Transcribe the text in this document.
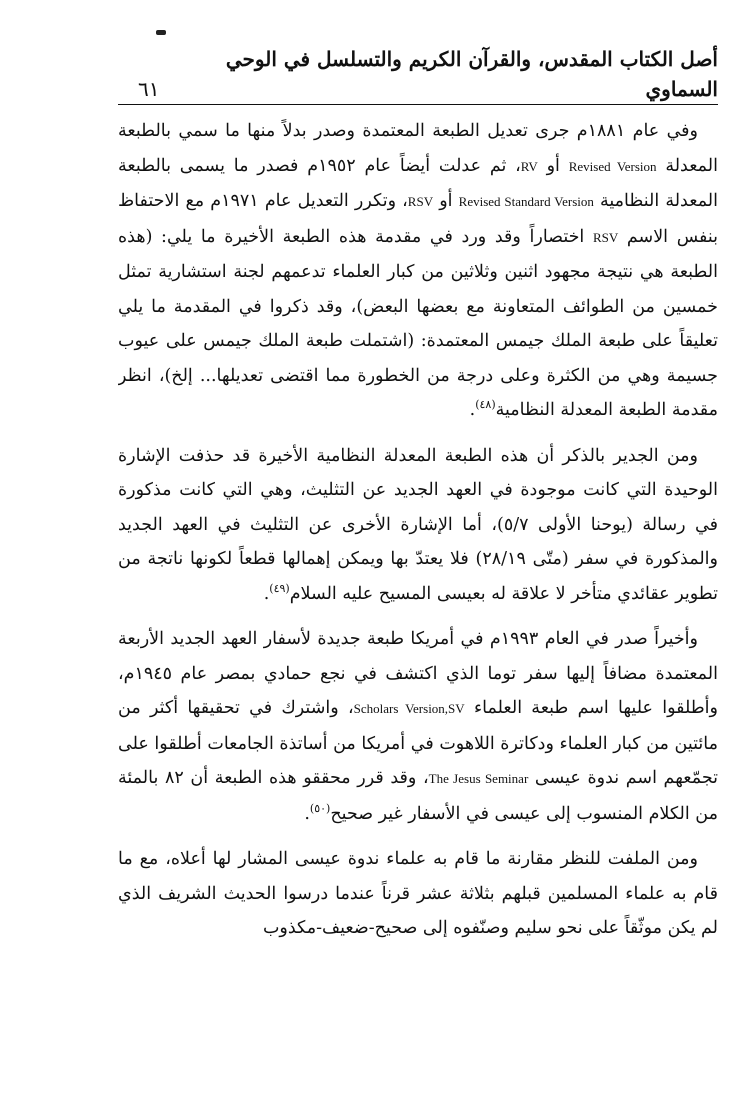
أصل الكتاب المقدس، والقرآن الكريم والتسلسل في الوحي السماوي
٦١

وفي عام ١٨٨١م جرى تعديل الطبعة المعتمدة وصدر بدلاً منها ما سمي بالطبعة المعدلة Revised Version أو RV، ثم عدلت أيضاً عام ١٩٥٢م فصدر ما يسمى بالطبعة المعدلة النظامية Revised Standard Version أو RSV، وتكرر التعديل عام ١٩٧١م مع الاحتفاظ بنفس الاسم RSV اختصاراً وقد ورد في مقدمة هذه الطبعة الأخيرة ما يلي: (هذه الطبعة هي نتيجة مجهود اثنين وثلاثين من كبار العلماء تدعمهم لجنة استشارية تمثل خمسين من الطوائف المتعاونة مع بعضها البعض)، وقد ذكروا في المقدمة ما يلي تعليقاً على طبعة الملك جيمس المعتمدة: (اشتملت طبعة الملك جيمس على عيوب جسيمة وهي من الكثرة وعلى درجة من الخطورة مما اقتضى تعديلها... إلخ)، انظر مقدمة الطبعة المعدلة النظامية$^{(٤٨)}$.

ومن الجدير بالذكر أن هذه الطبعة المعدلة النظامية الأخيرة قد حذفت الإشارة الوحيدة التي كانت موجودة في العهد الجديد عن التثليث، وهي التي كانت مذكورة في رسالة (يوحنا الأولى ٥/٧)، أما الإشارة الأخرى عن التثليث في العهد الجديد والمذكورة في سفر (متّى ٢٨/١٩) فلا يعتدّ بها ويمكن إهمالها قطعاً لكونها ناتجة من تطوير عقائدي متأخر لا علاقة له بعيسى المسيح عليه السلام$^{(٤٩)}$.

وأخيراً صدر في العام ١٩٩٣م في أمريكا طبعة جديدة لأسفار العهد الجديد الأربعة المعتمدة مضافاً إليها سفر توما الذي اكتشف في نجع حمادي بمصر عام ١٩٤٥م، وأطلقوا عليها اسم طبعة العلماء Scholars Version,SV، واشترك في تحقيقها أكثر من مائتين من كبار العلماء ودكاترة اللاهوت في أمريكا من أساتذة الجامعات أطلقوا على تجمّعهم اسم ندوة عيسى The Jesus Seminar، وقد قرر محققو هذه الطبعة أن ٨٢ بالمئة من الكلام المنسوب إلى عيسى في الأسفار غير صحيح$^{(٥٠)}$.

ومن الملفت للنظر مقارنة ما قام به علماء ندوة عيسى المشار لها أعلاه، مع ما قام به علماء المسلمين قبلهم بثلاثة عشر قرناً عندما درسوا الحديث الشريف الذي لم يكن موثّقاً على نحو سليم وصنّفوه إلى صحيح-ضعيف-مكذوب
